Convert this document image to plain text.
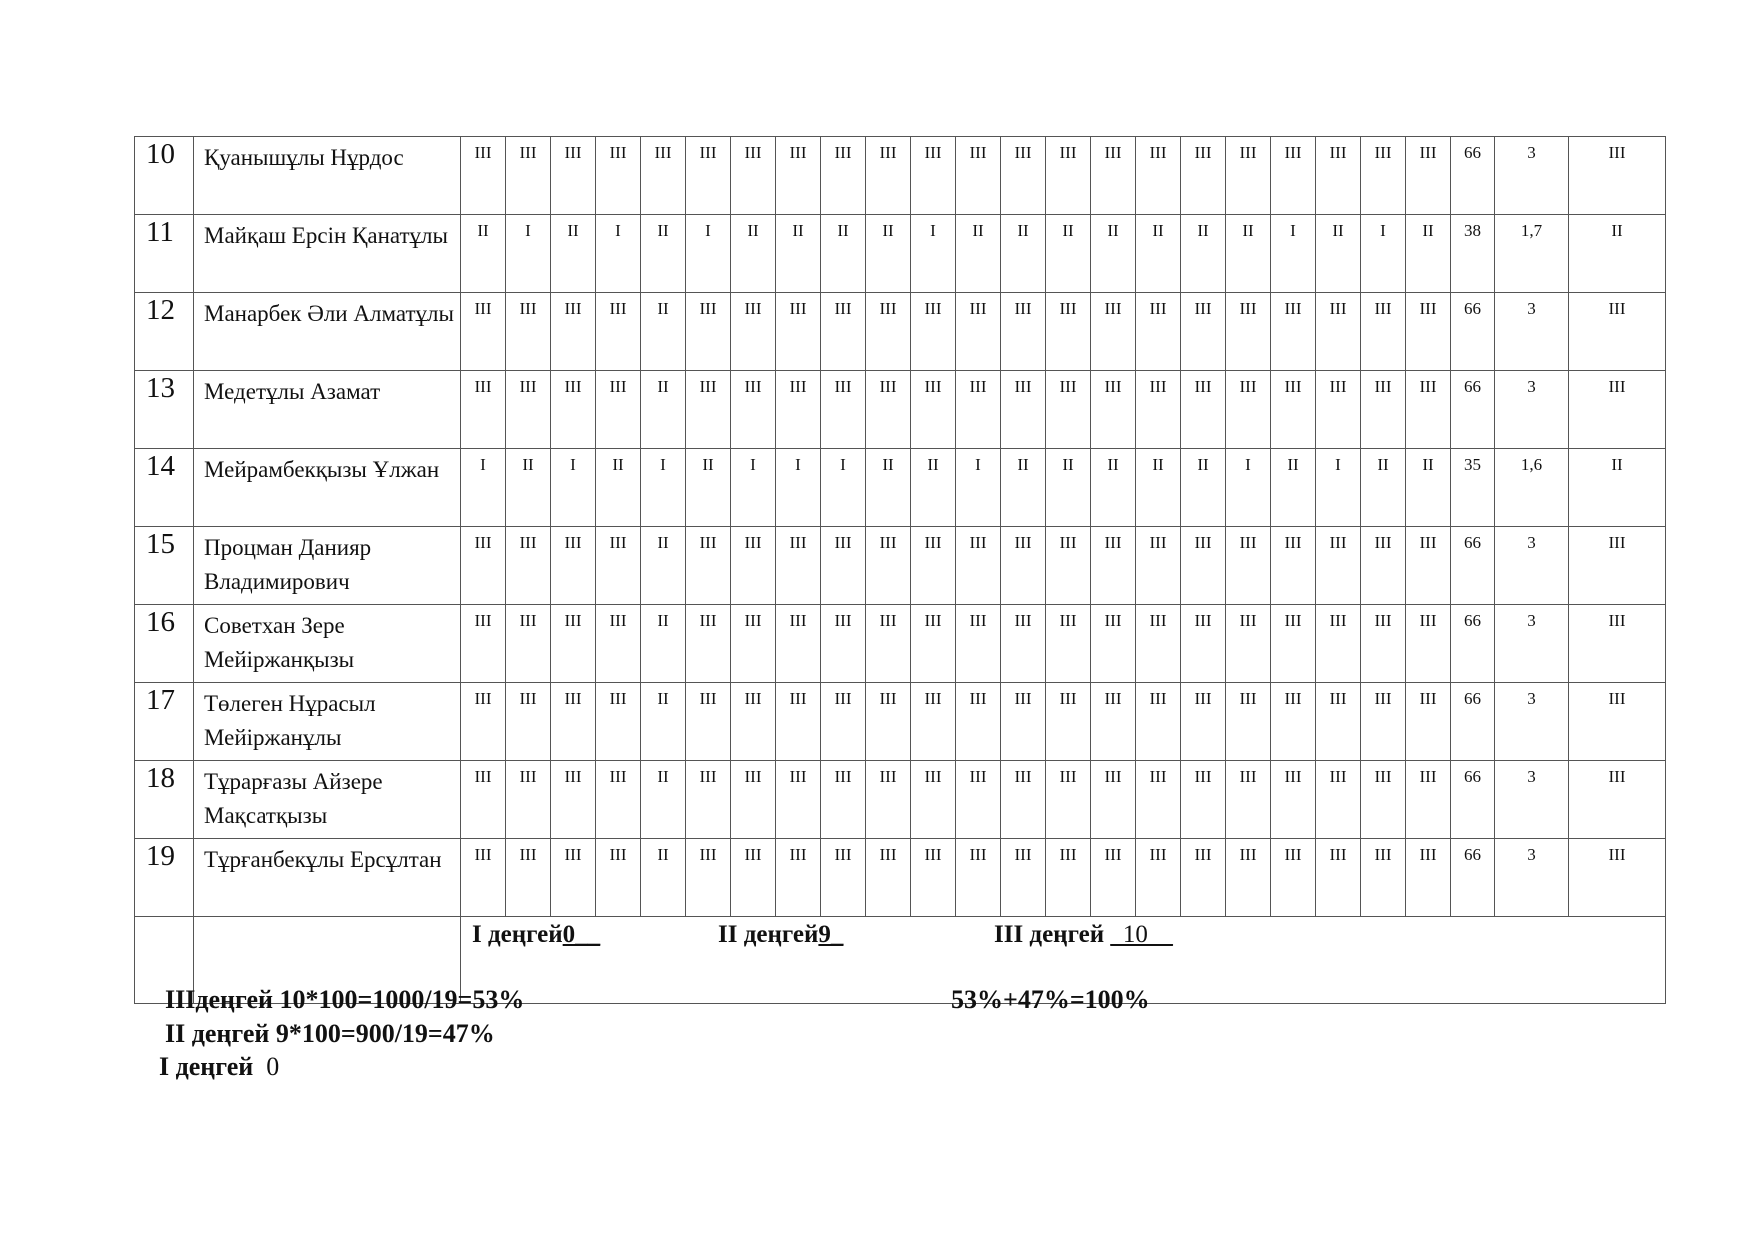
10	Қуанышұлы Нұрдос	III	III	III	III	III	III	III	III	III	III	III	III	III	III	III	III	III	III	III	III	III	III	66	3	III
11	Майқаш Ерсін Қанатұлы	II	I	II	I	II	I	II	II	II	II	I	II	II	II	II	II	II	II	I	II	I	II	38	1,7	II
12	Манарбек Әли Алматұлы	III	III	III	III	II	III	III	III	III	III	III	III	III	III	III	III	III	III	III	III	III	III	66	3	III
13	Медетұлы Азамат	III	III	III	III	II	III	III	III	III	III	III	III	III	III	III	III	III	III	III	III	III	III	66	3	III
14	Мейрамбекқызы Ұлжан	I	II	I	II	I	II	I	I	I	II	II	I	II	II	II	II	II	I	II	I	II	II	35	1,6	II
15	Процман Данияр Владимирович	III	III	III	III	II	III	III	III	III	III	III	III	III	III	III	III	III	III	III	III	III	III	66	3	III
16	Советхан Зере Мейіржанқызы	III	III	III	III	II	III	III	III	III	III	III	III	III	III	III	III	III	III	III	III	III	III	66	3	III
17	Төлеген Нұрасыл Мейіржанұлы	III	III	III	III	II	III	III	III	III	III	III	III	III	III	III	III	III	III	III	III	III	III	66	3	III
18	Тұрарғазы Айзере Мақсатқызы	III	III	III	III	II	III	III	III	III	III	III	III	III	III	III	III	III	III	III	III	III	III	66	3	III
19	Тұрғанбекұлы Ерсұлтан	III	III	III	III	II	III	III	III	III	III	III	III	III	III	III	III	III	III	III	III	III	III	66	3	III
		I деңгей0__ II деңгей9_ III деңгей _10__																								
IIIдеңгей 10*100=1000/19=53%	53%+47%=100%
II деңгей 9*100=900/19=47%
I деңгей 0
